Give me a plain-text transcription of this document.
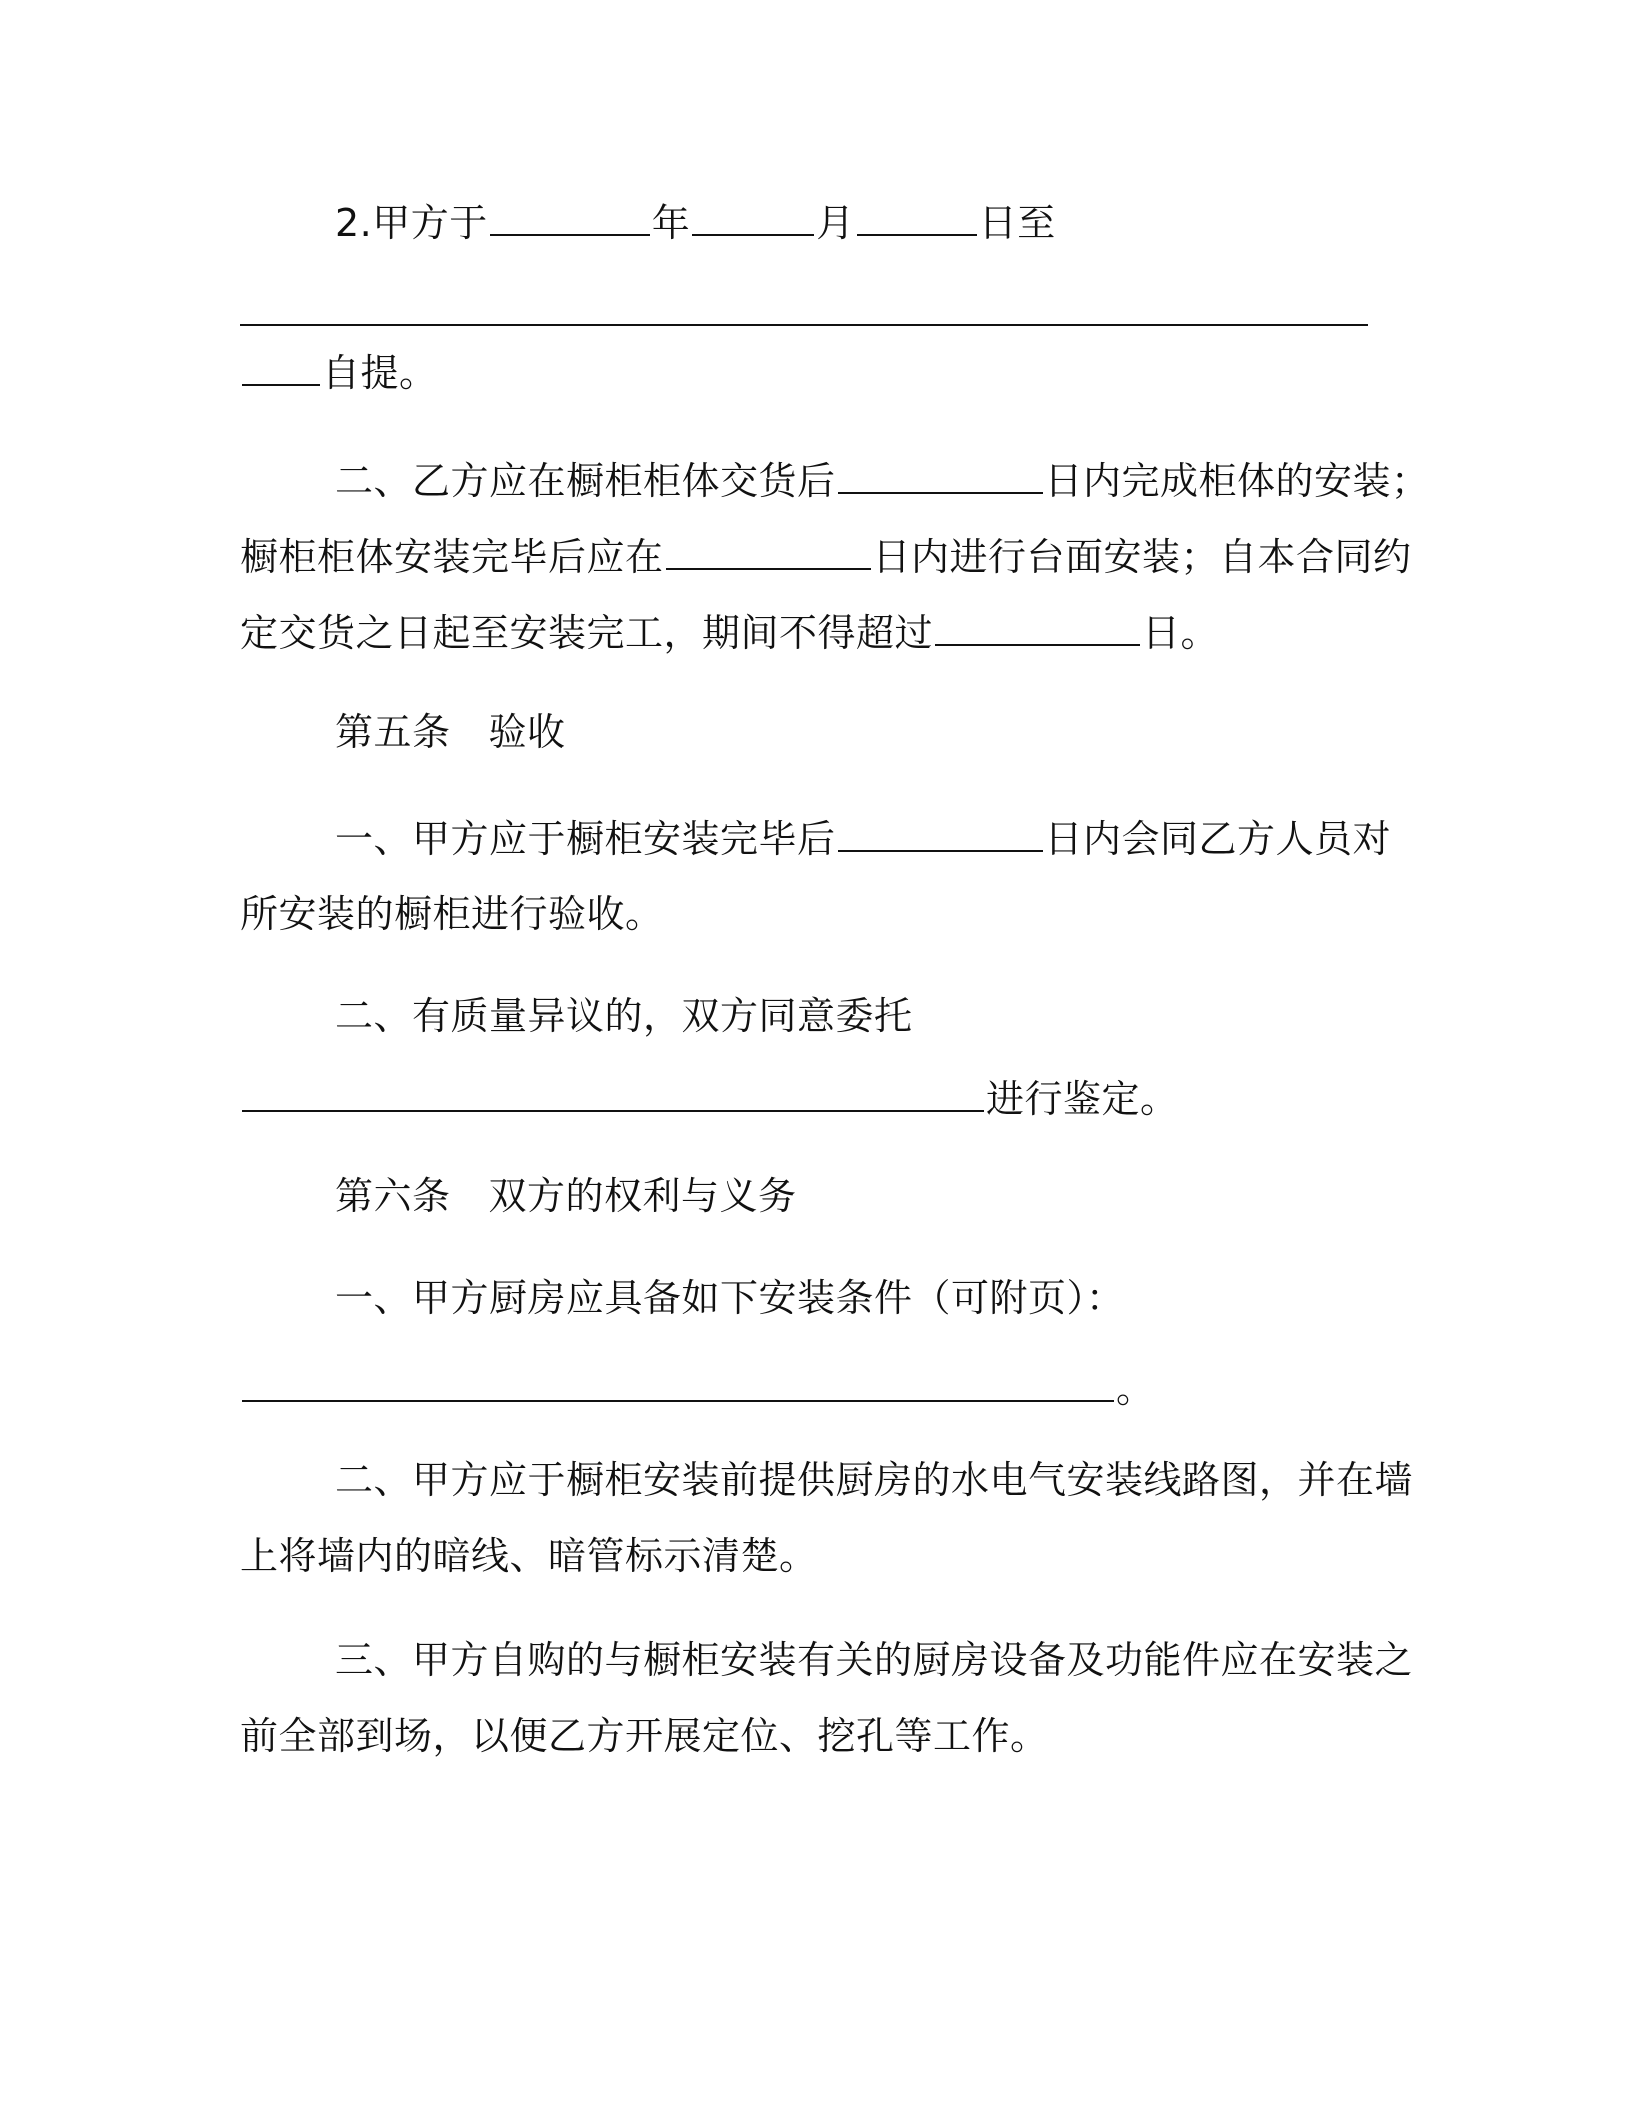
2.甲方于	年	月	日至
自提。
二、乙方应在橱柜柜体交货后	日内完成柜体的安装；
橱柜柜体安装完毕后应在	日内进行台面安装；自本合同约
定交货之日起至安装完工，期间不得超过	日。
第五条 验收
一、甲方应于橱柜安装完毕后	日内会同乙方人员对
所安装的橱柜进行验收。
二、有质量异议的，双方同意委托
进行鉴定。
第六条 双方的权利与义务
一、甲方厨房应具备如下安装条件（可附页）：
。
二、甲方应于橱柜安装前提供厨房的水电气安装线路图，并在墙
上将墙内的暗线、暗管标示清楚。
三、甲方自购的与橱柜安装有关的厨房设备及功能件应在安装之
前全部到场，以便乙方开展定位、挖孔等工作。
